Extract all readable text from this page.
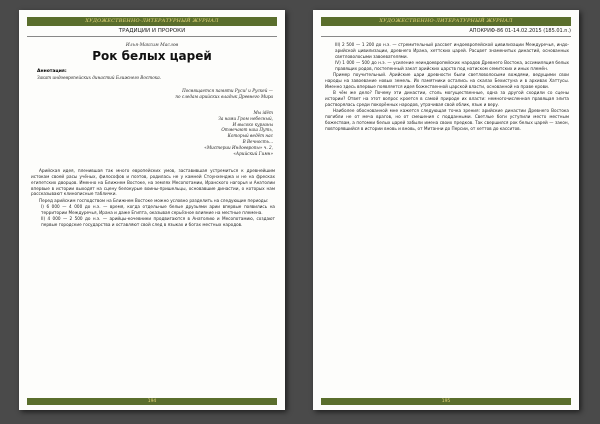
ХУДОЖЕСТВЕННО-ЛИТЕРАТУРНЫЙ ЖУРНАЛ
ТРАДИЦИИ И ПРОРОКИ
Илья-Максим Маслов
Рок белых царей
Аннотация:
Закат индоевропейских династий Ближнего Востока.
Посвящается памяти Руси! и Рускей —
по следам арийских владык Древнего Мира
Мы idëm
За нами Гром небесный,
И высоко курганы
Отмечают наш Путь,
Который ведёт нас
В Вечность...
«Мистерии Индоевропы» ч. 2,
«Арийский Гимн»

Арийская идея, пленившая так много европейских умов, заставившая устремиться к древнейшим истокам своей расы учёных, философов и поэтов, родилась не у камней Стоунхенджа и не на фресках египетских дворцов. Именно на Ближнем Востоке, на землях Месопотамии, Иранского нагорья и Анатолии впервые в истории выходят на сцену белокурые воины-пришельцы, основавшие династии, о которых нам рассказывают клинописные таблички.

Перед арийским господством на Ближнем Востоке можно условно разделить на следующие периоды:

I) 6 000 — 4 000 до н.э. — время, когда отдельные белые друзьями арии впервые появились на территории Междуречья, Ирана и даже Египта, оказывая серьёзное влияние на местные племена.

II) 4 000 — 2 500 до н.э. — арийцы-кочевники продвигаются в Анатолию и Месопотамию, создают первые городские государства и оставляют свой след в языках и богах местных народов.

194
ХУДОЖЕСТВЕННО-ЛИТЕРАТУРНЫЙ ЖУРНАЛ
АПОКРИФ-86 01-14.02.2015 (185.01.n.)

III) 2 500 — 1 200 до н.э. — стремительный рассвет индоевропейской цивилизации Междуречья, индо-арийской цивилизации, древнего Ирана, хеттских царей. Расцвет знаменитых династий, основанных светловолосыми завоевателями.

IV) 1 000 — 500 до н.э. — усиление неиндоевропейских народов Древнего Востока, ассимиляция белых правящих родов, постепенный закат арийских царств под натиском семитских и иных племён.

Пример поучительный. Арийские цари древности были светловолосыми вождями, ведущими свои народы на завоевание новых земель. Их памятники остались на скалах Бехистуна и в архивах Хаттусы. Именно здесь впервые появляется идея божественной царской власти, основанной на праве крови.

В чём же дело? Почему эти династии, столь могущественные, одна за другой сходили со сцены истории? Ответ на этот вопрос кроется в самой природе их власти: немногочисленная правящая элита растворялась среди покорённых народов, утрачивая свой облик, язык и веру.

Наиболее обоснованной мне кажется следующая точка зрения: арийские династии Древнего Востока погибли не от меча врагов, но от смешения с подданными. Светлые боги уступили место местным божествам, а потомки белых царей забыли имена своих предков. Так свершился рок белых царей — закон, повторявшийся в истории вновь и вновь, от Митанни до Персии, от хеттов до касситов.

195
